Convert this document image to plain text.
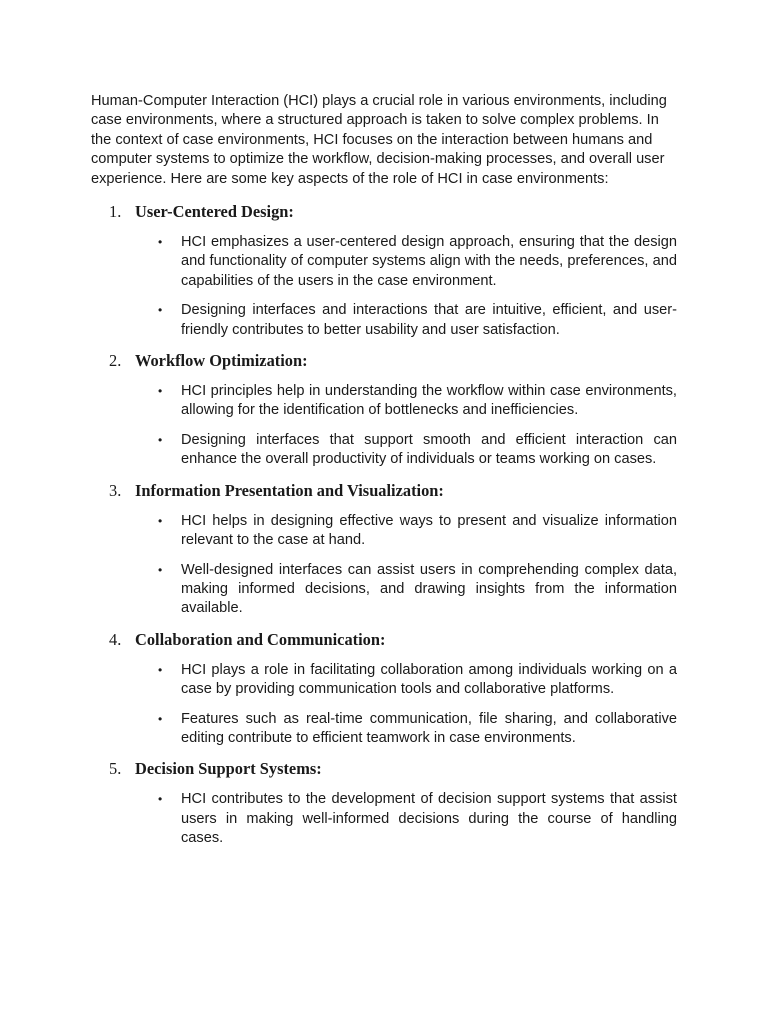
Human-Computer Interaction (HCI) plays a crucial role in various environments, including case environments, where a structured approach is taken to solve complex problems. In the context of case environments, HCI focuses on the interaction between humans and computer systems to optimize the workflow, decision-making processes, and overall user experience. Here are some key aspects of the role of HCI in case environments:

1. User-Centered Design:
• HCI emphasizes a user-centered design approach, ensuring that the design and functionality of computer systems align with the needs, preferences, and capabilities of the users in the case environment.
• Designing interfaces and interactions that are intuitive, efficient, and user-friendly contributes to better usability and user satisfaction.
2. Workflow Optimization:
• HCI principles help in understanding the workflow within case environments, allowing for the identification of bottlenecks and inefficiencies.
• Designing interfaces that support smooth and efficient interaction can enhance the overall productivity of individuals or teams working on cases.
3. Information Presentation and Visualization:
• HCI helps in designing effective ways to present and visualize information relevant to the case at hand.
• Well-designed interfaces can assist users in comprehending complex data, making informed decisions, and drawing insights from the information available.
4. Collaboration and Communication:
• HCI plays a role in facilitating collaboration among individuals working on a case by providing communication tools and collaborative platforms.
• Features such as real-time communication, file sharing, and collaborative editing contribute to efficient teamwork in case environments.
5. Decision Support Systems:
• HCI contributes to the development of decision support systems that assist users in making well-informed decisions during the course of handling cases.
